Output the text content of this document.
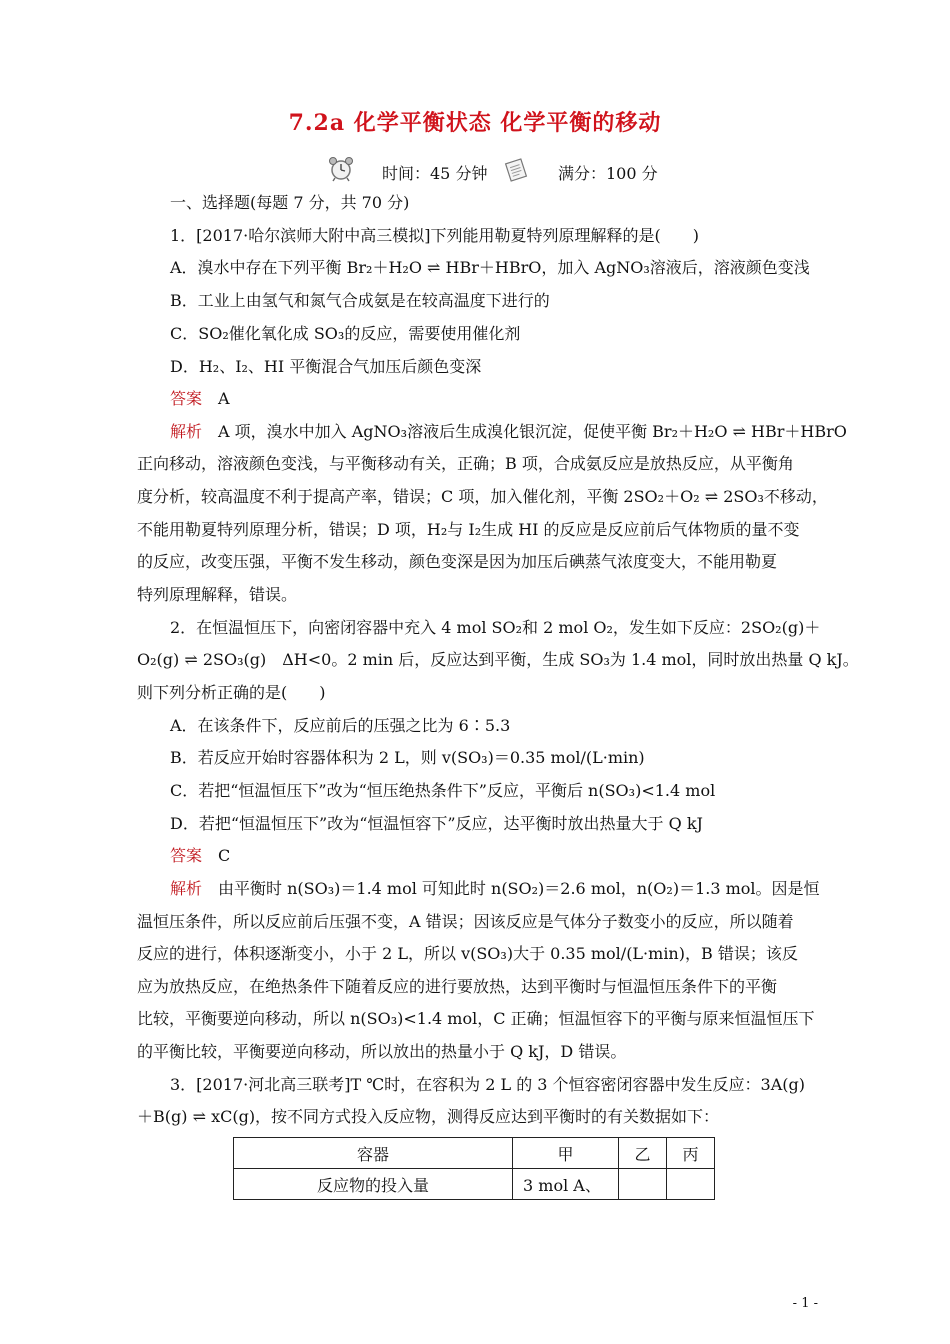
7.2a 化学平衡状态 化学平衡的移动
时间：45 分钟	满分：100 分
一、选择题(每题 7 分，共 70 分)
1．[2017·哈尔滨师大附中高三模拟]下列能用勒夏特列原理解释的是(　　)
A．溴水中存在下列平衡 Br₂＋H₂O ⇌ HBr＋HBrO，加入 AgNO₃溶液后，溶液颜色变浅
B．工业上由氢气和氮气合成氨是在较高温度下进行的
C．SO₂催化氧化成 SO₃的反应，需要使用催化剂
D．H₂、I₂、HI 平衡混合气加压后颜色变深
答案 A
解析 A 项，溴水中加入 AgNO₃溶液后生成溴化银沉淀，促使平衡 Br₂＋H₂O ⇌ HBr＋HBrO
正向移动，溶液颜色变浅，与平衡移动有关，正确；B 项，合成氨反应是放热反应，从平衡角
度分析，较高温度不利于提高产率，错误；C 项，加入催化剂，平衡 2SO₂＋O₂ ⇌ 2SO₃不移动，
不能用勒夏特列原理分析，错误；D 项，H₂与 I₂生成 HI 的反应是反应前后气体物质的量不变
的反应，改变压强，平衡不发生移动，颜色变深是因为加压后碘蒸气浓度变大，不能用勒夏
特列原理解释，错误。
2．在恒温恒压下，向密闭容器中充入 4 mol SO₂和 2 mol O₂，发生如下反应：2SO₂(g)＋
O₂(g) ⇌ 2SO₃(g)　ΔH<0。2 min 后，反应达到平衡，生成 SO₃为 1.4 mol，同时放出热量 Q kJ。
则下列分析正确的是(　　)
A．在该条件下，反应前后的压强之比为 6∶5.3
B．若反应开始时容器体积为 2 L，则 v(SO₃)＝0.35 mol/(L·min)
C．若把“恒温恒压下”改为“恒压绝热条件下”反应，平衡后 n(SO₃)<1.4 mol
D．若把“恒温恒压下”改为“恒温恒容下”反应，达平衡时放出热量大于 Q kJ
答案 C
解析 由平衡时 n(SO₃)＝1.4 mol 可知此时 n(SO₂)＝2.6 mol，n(O₂)＝1.3 mol。因是恒
温恒压条件，所以反应前后压强不变，A 错误；因该反应是气体分子数变小的反应，所以随着
反应的进行，体积逐渐变小，小于 2 L，所以 v(SO₃)大于 0.35 mol/(L·min)，B 错误；该反
应为放热反应，在绝热条件下随着反应的进行要放热，达到平衡时与恒温恒压条件下的平衡
比较，平衡要逆向移动，所以 n(SO₃)<1.4 mol，C 正确；恒温恒容下的平衡与原来恒温恒压下
的平衡比较，平衡要逆向移动，所以放出的热量小于 Q kJ，D 错误。
3．[2017·河北高三联考]T ℃时，在容积为 2 L 的 3 个恒容密闭容器中发生反应：3A(g)
＋B(g) ⇌ xC(g)，按不同方式投入反应物，测得反应达到平衡时的有关数据如下：
容器	甲	乙	丙
反应物的投入量	3 mol A、		
- 1 -
